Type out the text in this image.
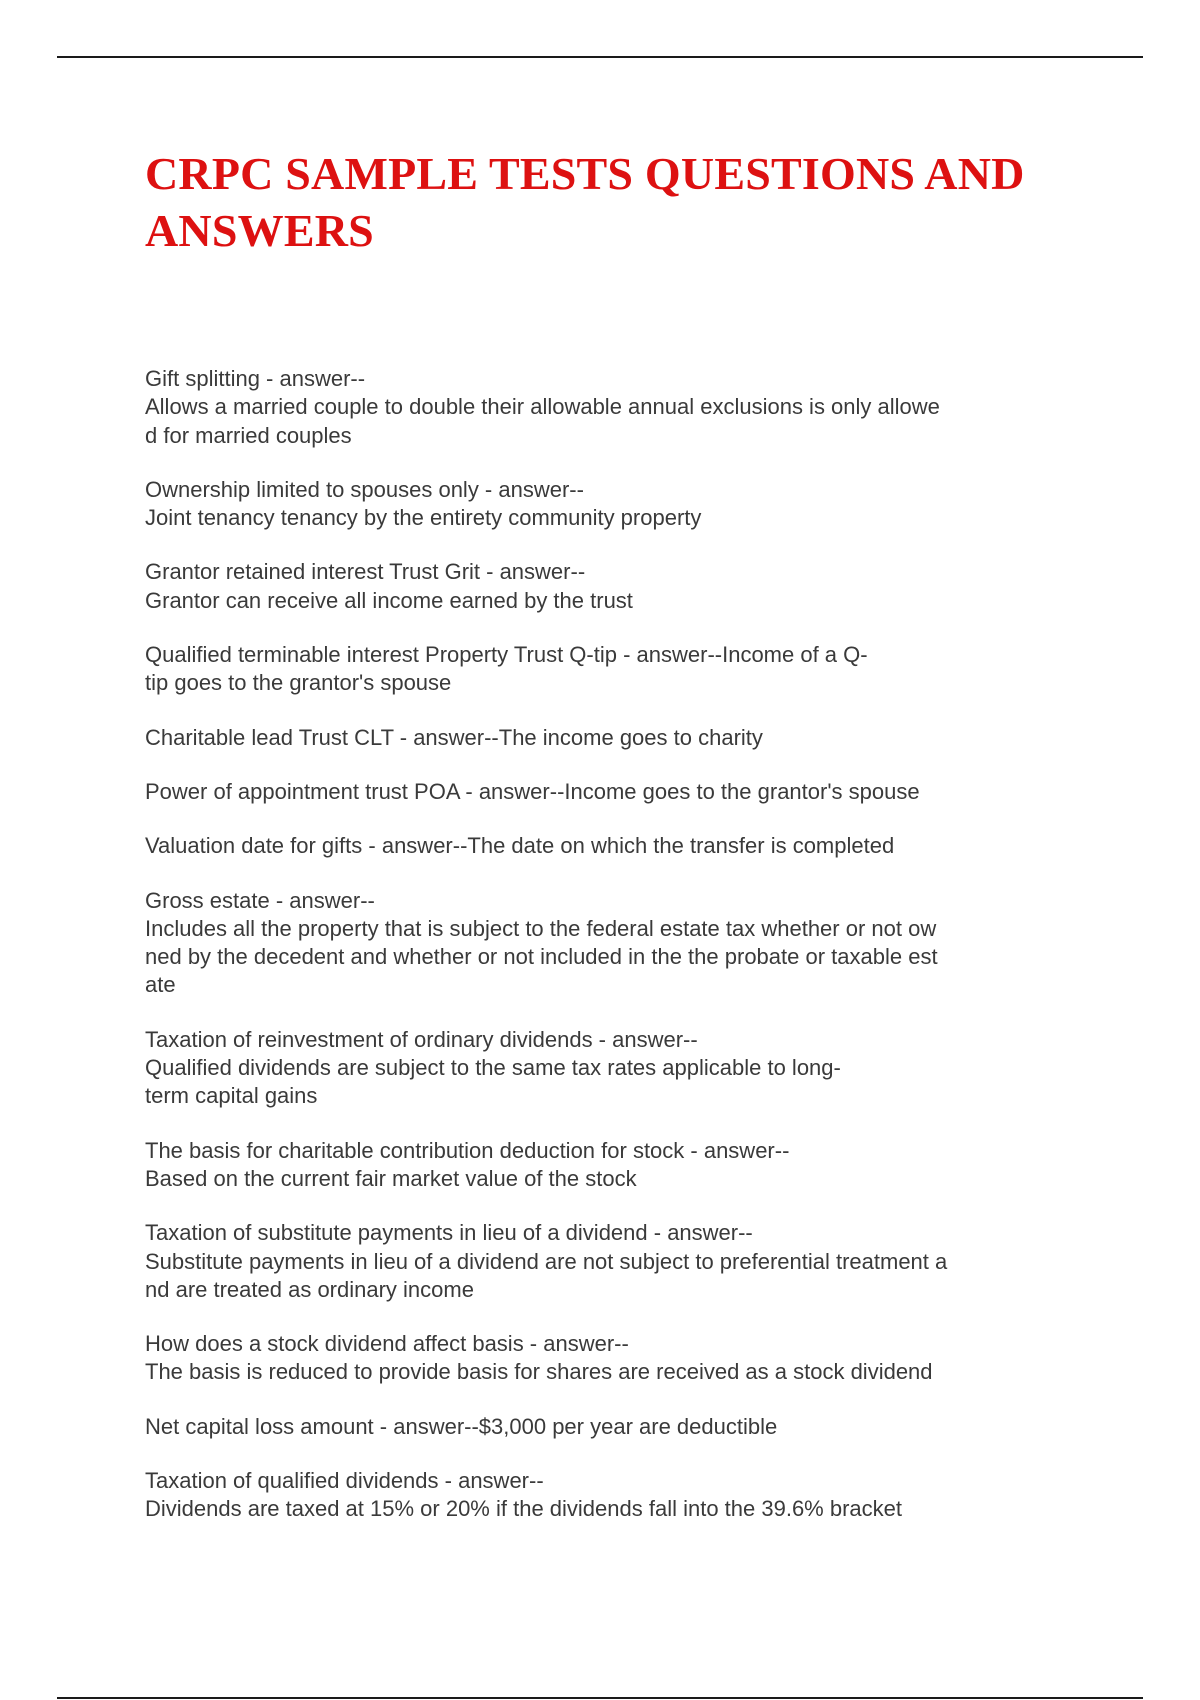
CRPC SAMPLE TESTS QUESTIONS AND ANSWERS

Gift splitting - answer--
Allows a married couple to double their allowable annual exclusions is only allowe
d for married couples

Ownership limited to spouses only - answer--
Joint tenancy tenancy by the entirety community property

Grantor retained interest Trust Grit - answer--
Grantor can receive all income earned by the trust

Qualified terminable interest Property Trust Q-tip - answer--Income of a Q-
tip goes to the grantor's spouse

Charitable lead Trust CLT - answer--The income goes to charity

Power of appointment trust POA - answer--Income goes to the grantor's spouse

Valuation date for gifts - answer--The date on which the transfer is completed

Gross estate - answer--
Includes all the property that is subject to the federal estate tax whether or not ow
ned by the decedent and whether or not included in the the probate or taxable est
ate

Taxation of reinvestment of ordinary dividends - answer--
Qualified dividends are subject to the same tax rates applicable to long-
term capital gains

The basis for charitable contribution deduction for stock - answer--
Based on the current fair market value of the stock

Taxation of substitute payments in lieu of a dividend - answer--
Substitute payments in lieu of a dividend are not subject to preferential treatment a
nd are treated as ordinary income

How does a stock dividend affect basis - answer--
The basis is reduced to provide basis for shares are received as a stock dividend

Net capital loss amount - answer--$3,000 per year are deductible

Taxation of qualified dividends - answer--
Dividends are taxed at 15% or 20% if the dividends fall into the 39.6% bracket
